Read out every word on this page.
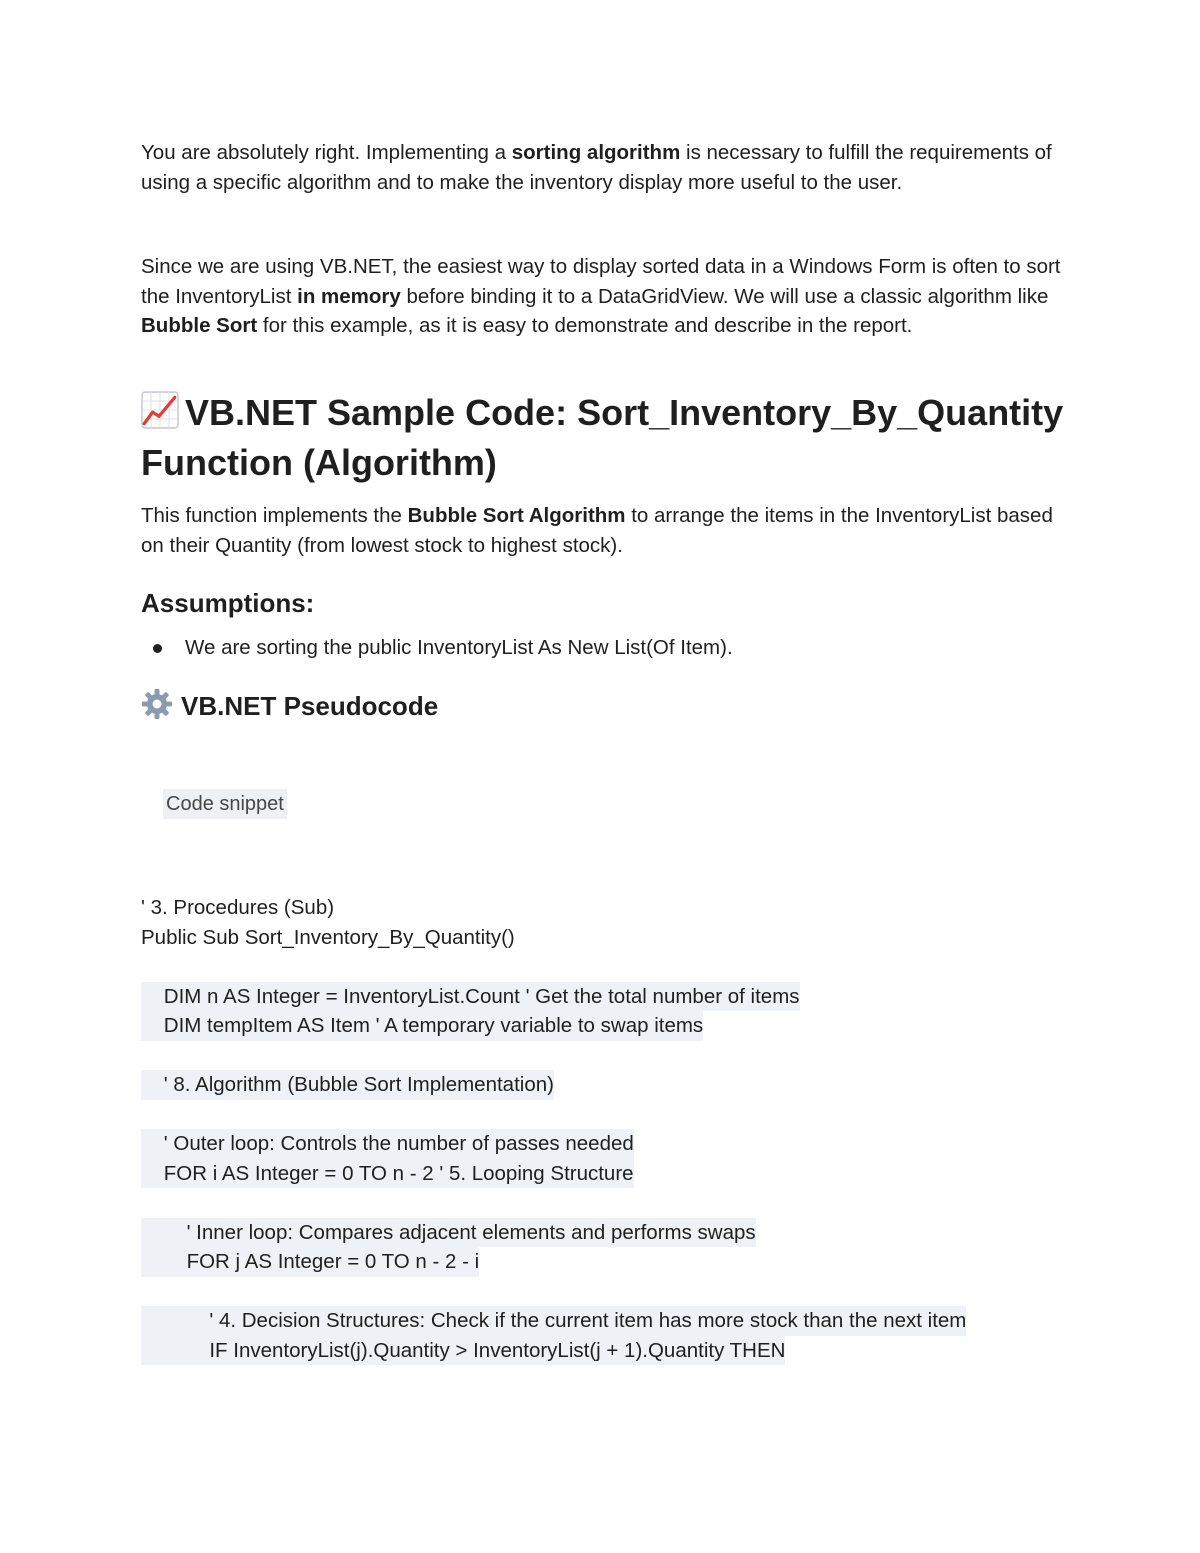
You are absolutely right. Implementing a sorting algorithm is necessary to fulfill the requirements of using a specific algorithm and to make the inventory display more useful to the user.

Since we are using VB.NET, the easiest way to display sorted data in a Windows Form is often to sort the InventoryList in memory before binding it to a DataGridView. We will use a classic algorithm like Bubble Sort for this example, as it is easy to demonstrate and describe in the report.

VB.NET Sample Code: Sort_Inventory_By_Quantity Function (Algorithm)

This function implements the Bubble Sort Algorithm to arrange the items in the InventoryList based on their Quantity (from lowest stock to highest stock).

Assumptions:
We are sorting the public InventoryList As New List(Of Item).
VB.NET Pseudocode
Code snippet
' 3. Procedures (Sub)
Public Sub Sort_Inventory_By_Quantity()
DIM n AS Integer = InventoryList.Count ' Get the total number of items
DIM tempItem AS Item ' A temporary variable to swap items
' 8. Algorithm (Bubble Sort Implementation)
' Outer loop: Controls the number of passes needed
FOR i AS Integer = 0 TO n - 2 ' 5. Looping Structure
' Inner loop: Compares adjacent elements and performs swaps
FOR j AS Integer = 0 TO n - 2 - i
' 4. Decision Structures: Check if the current item has more stock than the next item
IF InventoryList(j).Quantity > InventoryList(j + 1).Quantity THEN
